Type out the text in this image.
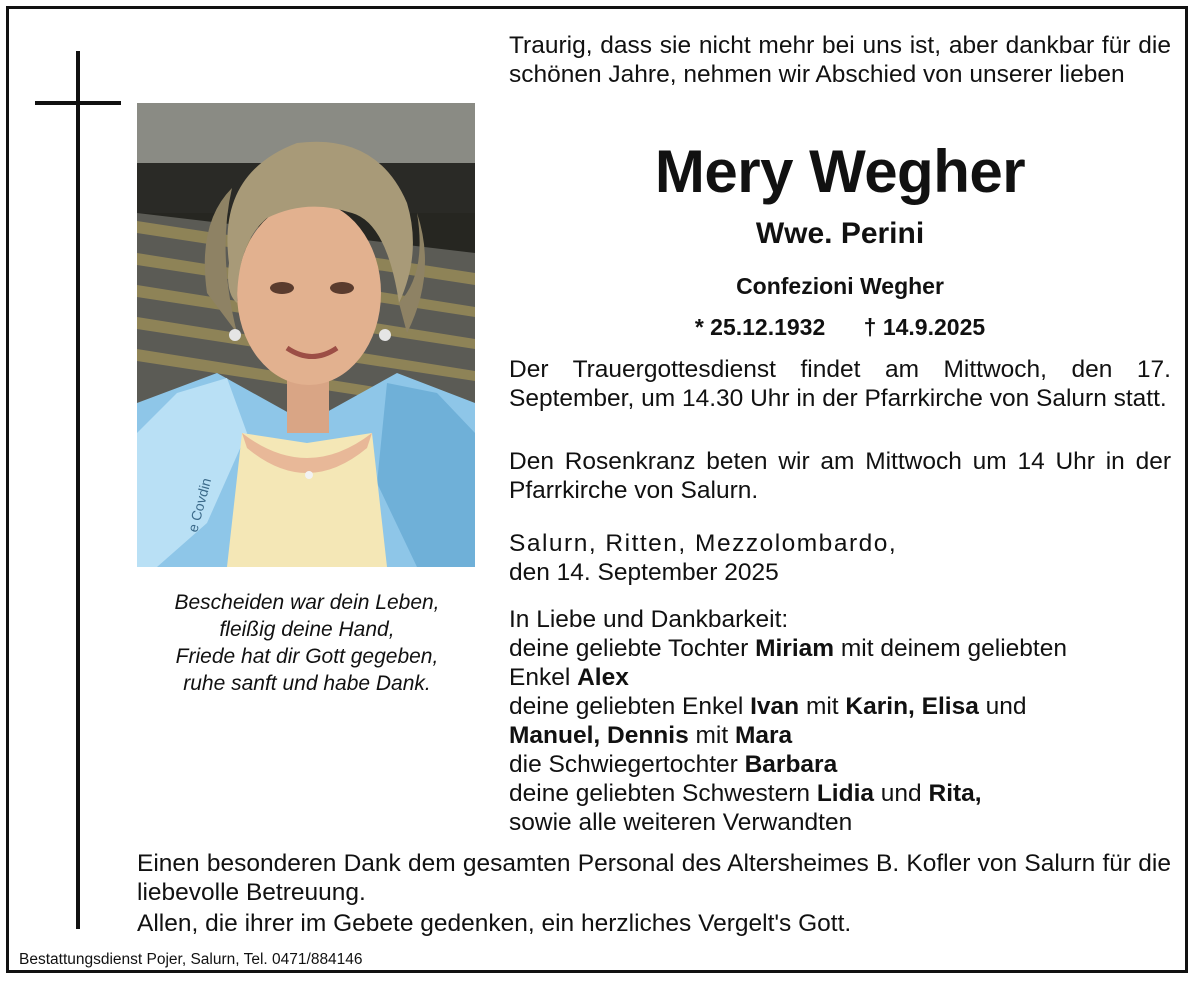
e Covdin
Bescheiden war dein Leben,
fleißig deine Hand,
Friede hat dir Gott gegeben,
ruhe sanft und habe Dank.
Traurig, dass sie nicht mehr bei uns ist, aber dankbar für die schönen Jahre, nehmen wir Abschied von unserer lieben
Mery Wegher
Wwe. Perini
Confezioni Wegher
* 25.12.1932 † 14.9.2025
Der Trauergottesdienst findet am Mittwoch, den 17. September, um 14.30 Uhr in der Pfarrkirche von Salurn statt.
Den Rosenkranz beten wir am Mittwoch um 14 Uhr in der Pfarrkirche von Salurn.
Salurn, Ritten, Mezzolombardo,
den 14. September 2025
In Liebe und Dankbarkeit:
deine geliebte Tochter Miriam mit deinem geliebten
Enkel Alex
deine geliebten Enkel Ivan mit Karin, Elisa und
Manuel, Dennis mit Mara
die Schwiegertochter Barbara
deine geliebten Schwestern Lidia und Rita,
sowie alle weiteren Verwandten
Einen besonderen Dank dem gesamten Personal des Altersheimes B. Kofler von Salurn für die liebevolle Betreuung.
Allen, die ihrer im Gebete gedenken, ein herzliches Vergelt's Gott.
Bestattungsdienst Pojer, Salurn, Tel. 0471/884146
